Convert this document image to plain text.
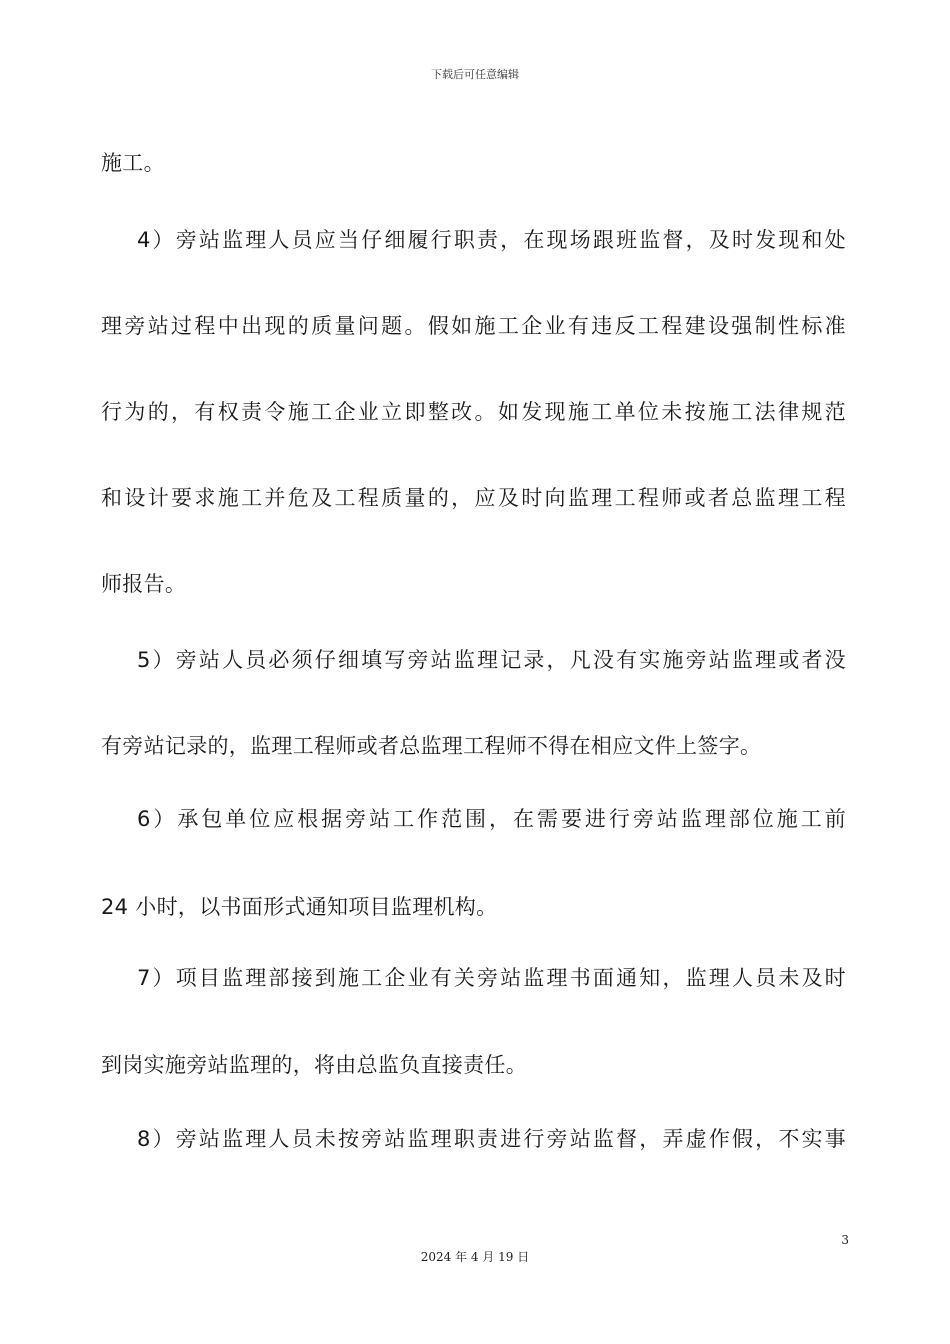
下载后可任意编辑
施工。
4）旁站监理人员应当仔细履行职责，在现场跟班监督，及时发现和处
理旁站过程中出现的质量问题。假如施工企业有违反工程建设强制性标准
行为的，有权责令施工企业立即整改。如发现施工单位未按施工法律规范
和设计要求施工并危及工程质量的，应及时向监理工程师或者总监理工程
师报告。
5）旁站人员必须仔细填写旁站监理记录，凡没有实施旁站监理或者没
有旁站记录的，监理工程师或者总监理工程师不得在相应文件上签字。
6）承包单位应根据旁站工作范围，在需要进行旁站监理部位施工前
24 小时，以书面形式通知项目监理机构。
7）项目监理部接到施工企业有关旁站监理书面通知，监理人员未及时
到岗实施旁站监理的，将由总监负直接责任。
8）旁站监理人员未按旁站监理职责进行旁站监督，弄虚作假，不实事
3
2024 年 4 月 19 日
